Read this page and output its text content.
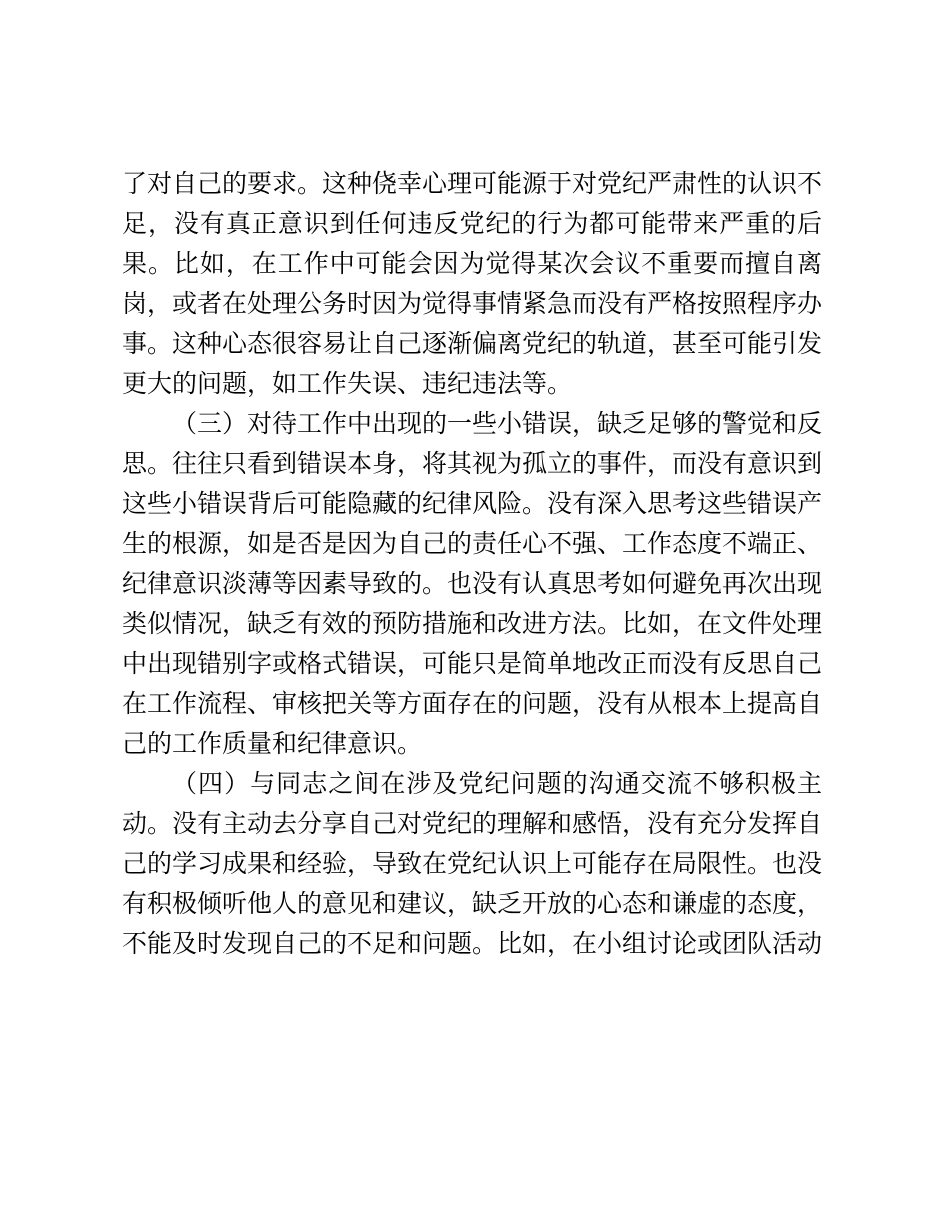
了对自己的要求。这种侥幸心理可能源于对党纪严肃性的认识不
足，没有真正意识到任何违反党纪的行为都可能带来严重的后
果。比如，在工作中可能会因为觉得某次会议不重要而擅自离
岗，或者在处理公务时因为觉得事情紧急而没有严格按照程序办
事。这种心态很容易让自己逐渐偏离党纪的轨道，甚至可能引发
更大的问题，如工作失误、违纪违法等。
（三）对待工作中出现的一些小错误，缺乏足够的警觉和反
思。往往只看到错误本身，将其视为孤立的事件，而没有意识到
这些小错误背后可能隐藏的纪律风险。没有深入思考这些错误产
生的根源，如是否是因为自己的责任心不强、工作态度不端正、
纪律意识淡薄等因素导致的。也没有认真思考如何避免再次出现
类似情况，缺乏有效的预防措施和改进方法。比如，在文件处理
中出现错别字或格式错误，可能只是简单地改正而没有反思自己
在工作流程、审核把关等方面存在的问题，没有从根本上提高自
己的工作质量和纪律意识。
（四）与同志之间在涉及党纪问题的沟通交流不够积极主
动。没有主动去分享自己对党纪的理解和感悟，没有充分发挥自
己的学习成果和经验，导致在党纪认识上可能存在局限性。也没
有积极倾听他人的意见和建议，缺乏开放的心态和谦虚的态度，
不能及时发现自己的不足和问题。比如，在小组讨论或团队活动
